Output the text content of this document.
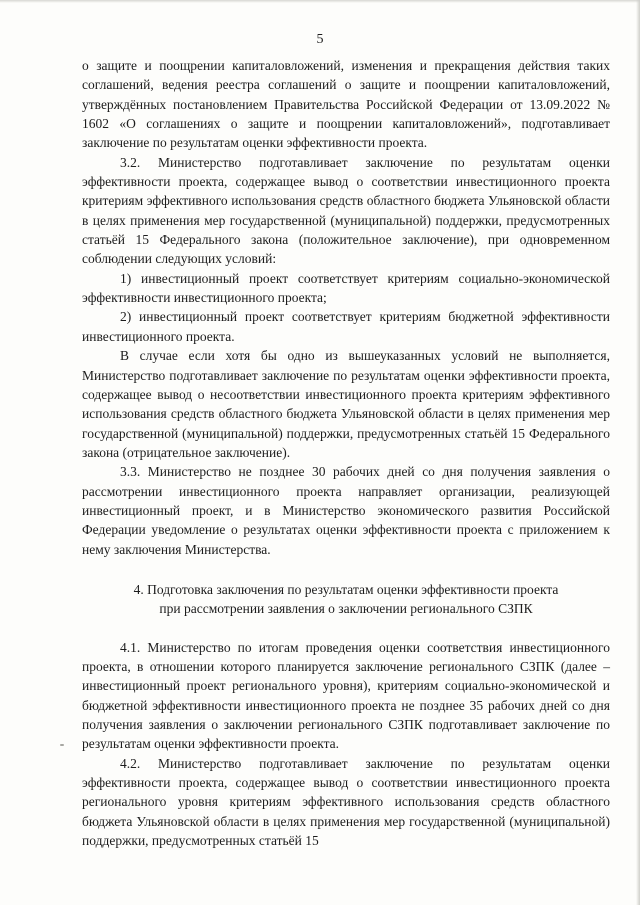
5

о защите и поощрении капиталовложений, изменения и прекращения действия таких соглашений, ведения реестра соглашений о защите и поощрении капиталовложений, утверждённых постановлением Правительства Российской Федерации от 13.09.2022 № 1602 «О соглашениях о защите и поощрении капиталовложений», подготавливает заключение по результатам оценки эффективности проекта.

3.2. Министерство подготавливает заключение по результатам оценки эффективности проекта, содержащее вывод о соответствии инвестиционного проекта критериям эффективного использования средств областного бюджета Ульяновской области в целях применения мер государственной (муниципальной) поддержки, предусмотренных статьёй 15 Федерального закона (положительное заключение), при одновременном соблюдении следующих условий:

1) инвестиционный проект соответствует критериям социально-экономической эффективности инвестиционного проекта;

2) инвестиционный проект соответствует критериям бюджетной эффективности инвестиционного проекта.

В случае если хотя бы одно из вышеуказанных условий не выполняется, Министерство подготавливает заключение по результатам оценки эффективности проекта, содержащее вывод о несоответствии инвестиционного проекта критериям эффективного использования средств областного бюджета Ульяновской области в целях применения мер государственной (муниципальной) поддержки, предусмотренных статьёй 15 Федерального закона (отрицательное заключение).

3.3. Министерство не позднее 30 рабочих дней со дня получения заявления о рассмотрении инвестиционного проекта направляет организации, реализующей инвестиционный проект, и в Министерство экономического развития Российской Федерации уведомление о результатах оценки эффективности проекта с приложением к нему заключения Министерства.

4. Подготовка заключения по результатам оценки эффективности проекта
при рассмотрении заявления о заключении регионального СЗПК

4.1. Министерство по итогам проведения оценки соответствия инвестиционного проекта, в отношении которого планируется заключение регионального СЗПК (далее – инвестиционный проект регионального уровня), критериям социально-экономической и бюджетной эффективности инвестиционного проекта не позднее 35 рабочих дней со дня получения заявления о заключении регионального СЗПК подготавливает заключение по результатам оценки эффективности проекта.

4.2. Министерство подготавливает заключение по результатам оценки эффективности проекта, содержащее вывод о соответствии инвестиционного проекта регионального уровня критериям эффективного использования средств областного бюджета Ульяновской области в целях применения мер государственной (муниципальной) поддержки, предусмотренных статьёй 15
